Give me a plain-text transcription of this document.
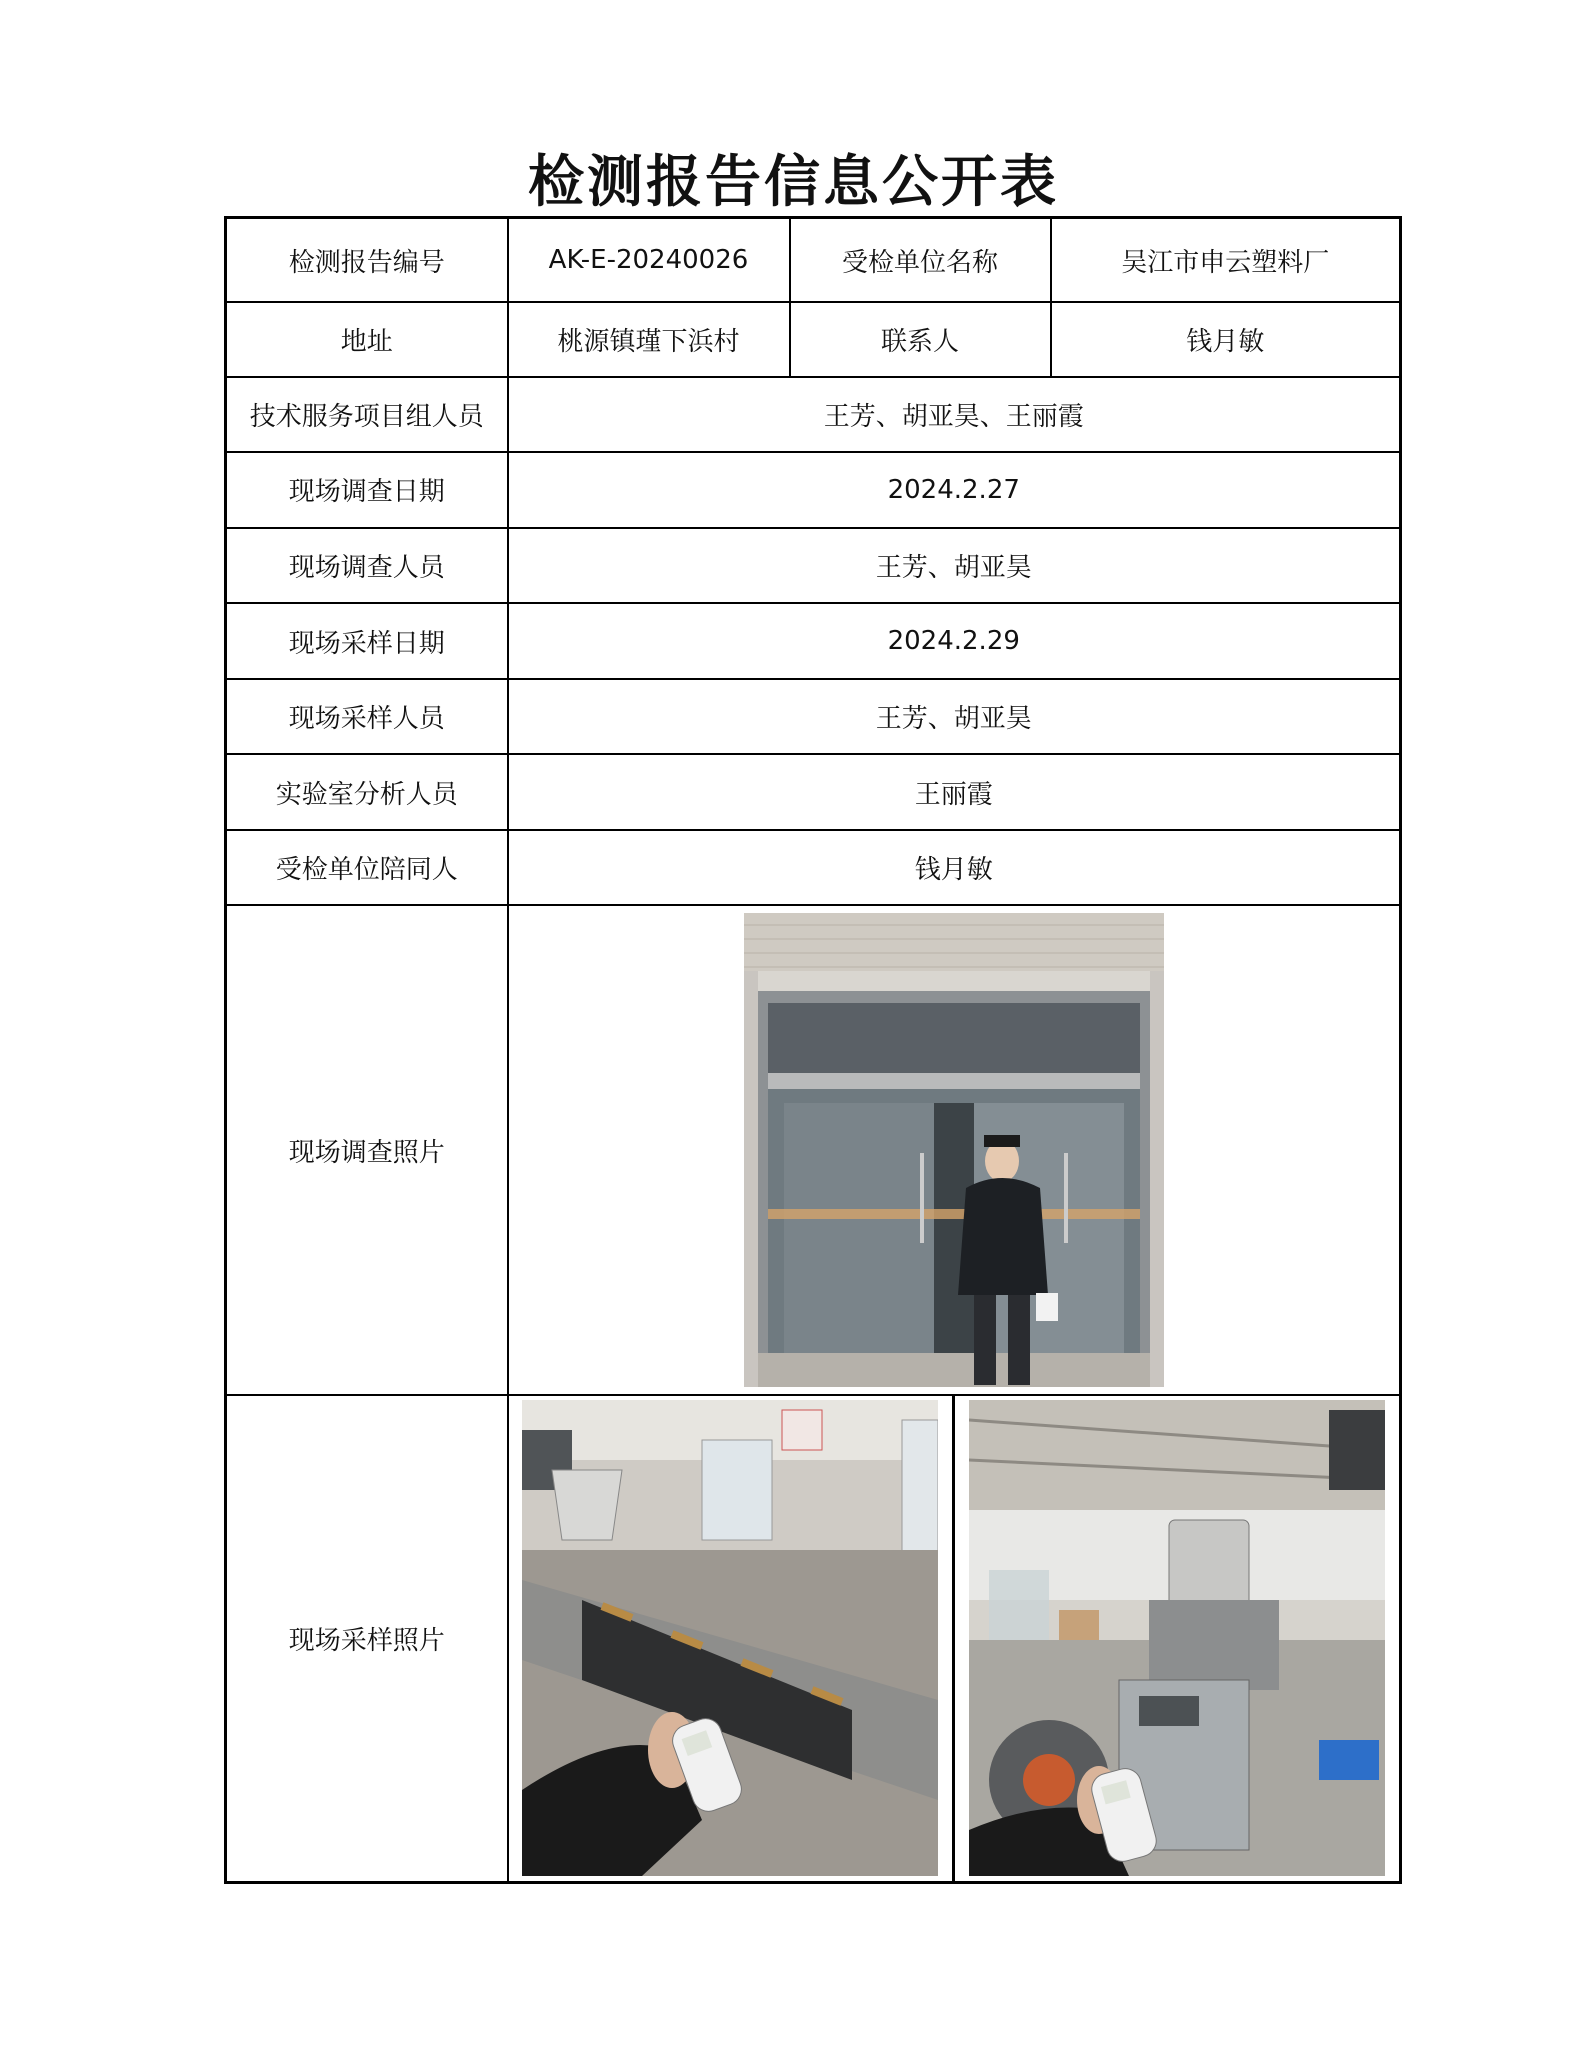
检测报告信息公开表
检测报告编号	AK-E-20240026	受检单位名称	吴江市申云塑料厂
地址	桃源镇瑾下浜村	联系人	钱月敏
技术服务项目组人员	王芳、胡亚昊、王丽霞		
现场调查日期	2024.2.27		
现场调查人员	王芳、胡亚昊		
现场采样日期	2024.2.29		
现场采样人员	王芳、胡亚昊		
实验室分析人员	王丽霞		
受检单位陪同人	钱月敏		
现场调查照片	

现场采样照片	
